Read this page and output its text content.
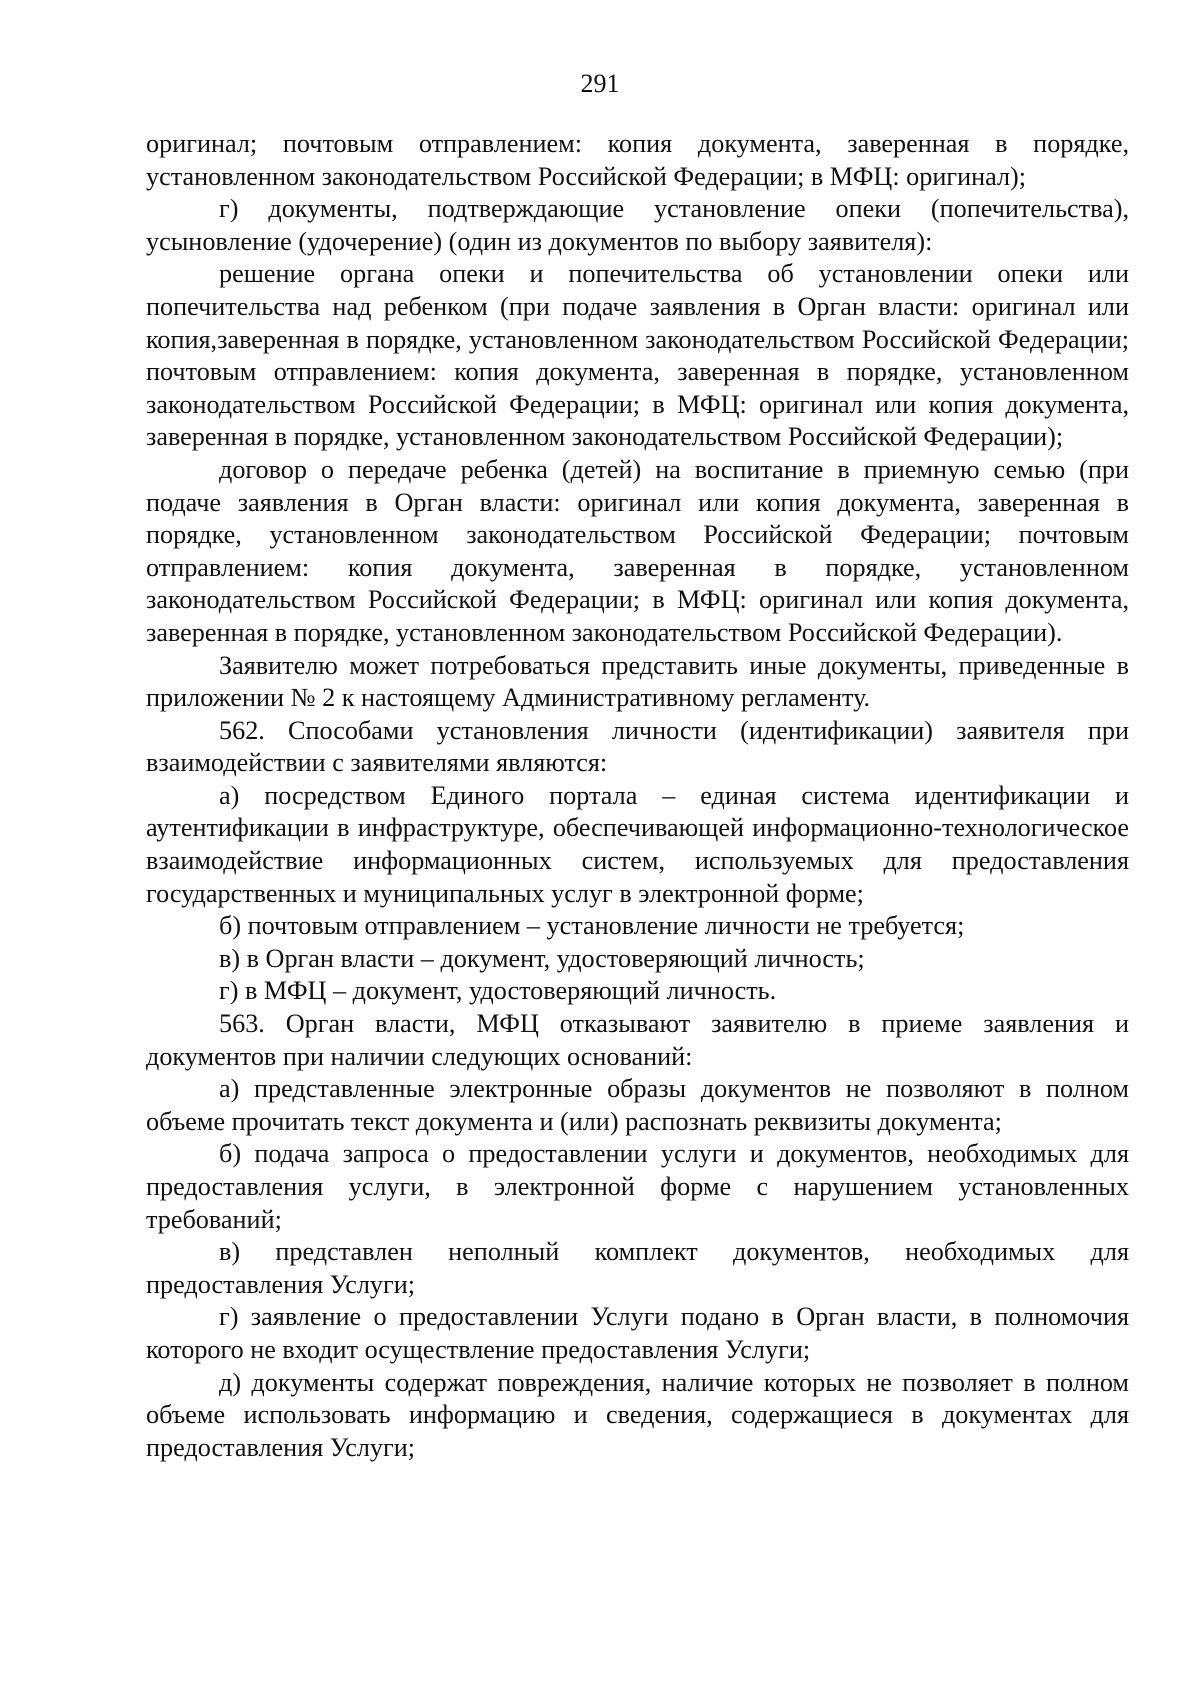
291

оригинал; почтовым отправлением: копия документа, заверенная в порядке, установленном законодательством Российской Федерации; в МФЦ: оригинал);

г) документы, подтверждающие установление опеки (попечительства), усыновление (удочерение) (один из документов по выбору заявителя):

решение органа опеки и попечительства об установлении опеки или попечительства над ребенком (при подаче заявления в Орган власти: оригинал или копия,заверенная в порядке, установленном законодательством Российской Федерации; почтовым отправлением: копия документа, заверенная в порядке, установленном законодательством Российской Федерации; в МФЦ: оригинал или копия документа, заверенная в порядке, установленном законодательством Российской Федерации);

договор о передаче ребенка (детей) на воспитание в приемную семью (при подаче заявления в Орган власти: оригинал или копия документа, заверенная в порядке, установленном законодательством Российской Федерации; почтовым отправлением: копия документа, заверенная в порядке, установленном законодательством Российской Федерации; в МФЦ: оригинал или копия документа, заверенная в порядке, установленном законодательством Российской Федерации).

Заявителю может потребоваться представить иные документы, приведенные в приложении № 2 к настоящему Административному регламенту.

562. Способами установления личности (идентификации) заявителя при взаимодействии с заявителями являются:

а) посредством Единого портала – единая система идентификации и аутентификации в инфраструктуре, обеспечивающей информационно-технологическое взаимодействие информационных систем, используемых для предоставления государственных и муниципальных услуг в электронной форме;

б) почтовым отправлением – установление личности не требуется;

в) в Орган власти – документ, удостоверяющий личность;

г) в МФЦ – документ, удостоверяющий личность.

563. Орган власти, МФЦ отказывают заявителю в приеме заявления и документов при наличии следующих оснований:

а) представленные электронные образы документов не позволяют в полном объеме прочитать текст документа и (или) распознать реквизиты документа;

б) подача запроса о предоставлении услуги и документов, необходимых для предоставления услуги, в электронной форме с нарушением установленных требований;

в) представлен неполный комплект документов, необходимых для предоставления Услуги;

г) заявление о предоставлении Услуги подано в Орган власти, в полномочия которого не входит осуществление предоставления Услуги;

д) документы содержат повреждения, наличие которых не позволяет в полном объеме использовать информацию и сведения, содержащиеся в документах для предоставления Услуги;
